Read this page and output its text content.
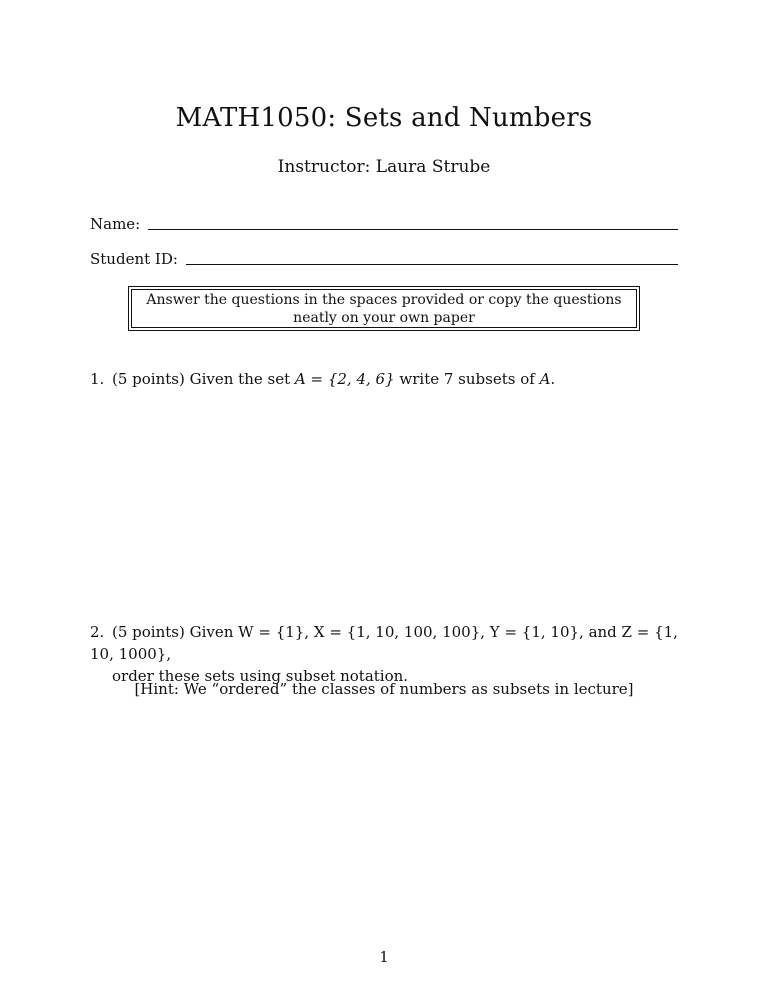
MATH1050: Sets and Numbers
Instructor: Laura Strube
Name:
Student ID:
Answer the questions in the spaces provided or copy the questions neatly on your own paper
1. (5 points) Given the set A = {2, 4, 6} write 7 subsets of A.
2. (5 points) Given W = {1}, X = {1, 10, 100, 100}, Y = {1, 10}, and Z = {1, 10, 1000},
order these sets using subset notation.
[Hint: We “ordered” the classes of numbers as subsets in lecture]
1
